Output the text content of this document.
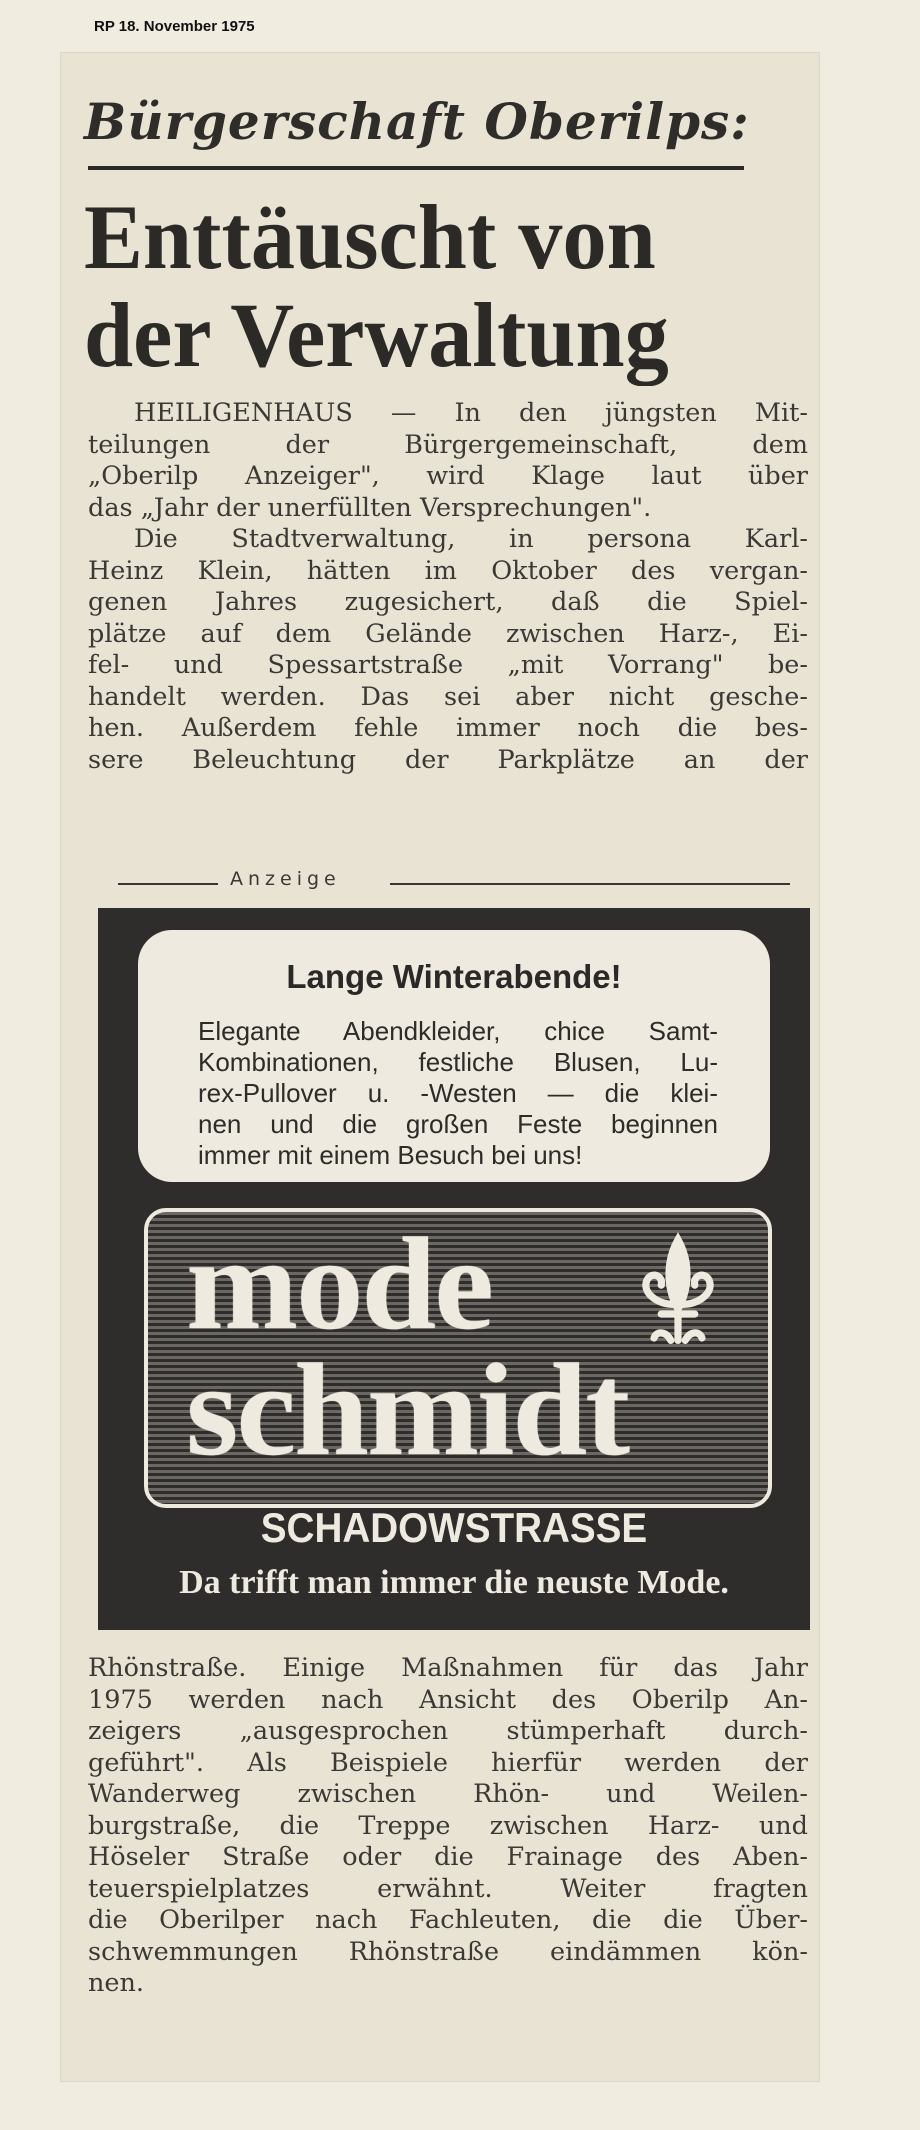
RP 18. November 1975
Bürgerschaft Oberilps:
Enttäuscht von
der Verwaltung
HEILIGENHAUS — In den jüngsten Mit-
teilungen der Bürgergemeinschaft, dem
„Oberilp Anzeiger", wird Klage laut über
das „Jahr der unerfüllten Versprechungen".
Die Stadtverwaltung, in persona Karl-
Heinz Klein, hätten im Oktober des vergan-
genen Jahres zugesichert, daß die Spiel-
plätze auf dem Gelände zwischen Harz-, Ei-
fel- und Spessartstraße „mit Vorrang" be-
handelt werden. Das sei aber nicht gesche-
hen. Außerdem fehle immer noch die bes-
sere Beleuchtung der Parkplätze an der
Anzeige
Lange Winterabende!
Elegante Abendkleider, chice Samt-
Kombinationen, festliche Blusen, Lu-
rex-Pullover u. -Westen — die klei-
nen und die großen Feste beginnen
immer mit einem Besuch bei uns!
mode
schmidt
SCHADOWSTRASSE
Da trifft man immer die neuste Mode.
Rhönstraße. Einige Maßnahmen für das Jahr
1975 werden nach Ansicht des Oberilp An-
zeigers „ausgesprochen stümperhaft durch-
geführt". Als Beispiele hierfür werden der
Wanderweg zwischen Rhön- und Weilen-
burgstraße, die Treppe zwischen Harz- und
Höseler Straße oder die Frainage des Aben-
teuerspielplatzes erwähnt. Weiter fragten
die Oberilper nach Fachleuten, die die Über-
schwemmungen Rhönstraße eindämmen kön-
nen.
